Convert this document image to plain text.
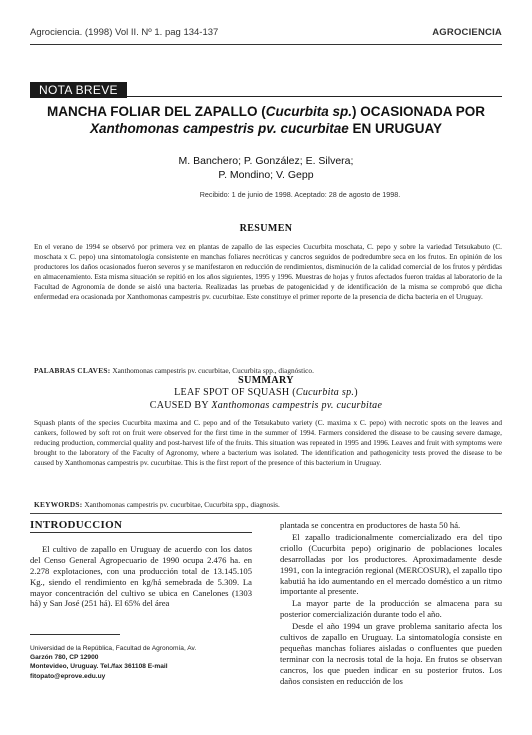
Agrociencia. (1998) Vol II. Nº 1. pag 134-137	AGROCIENCIA
NOTA BREVE
MANCHA FOLIAR DEL ZAPALLO (Cucurbita sp.) OCASIONADA POR
Xanthomonas campestris pv. cucurbitae EN URUGUAY
M. Banchero; P. González; E. Silvera;
P. Mondino; V. Gepp
Recibido: 1 de junio de 1998. Aceptado: 28 de agosto de 1998.
RESUMEN
En el verano de 1994 se observó por primera vez en plantas de zapallo de las especies Cucurbita moschata, C. pepo y sobre la variedad Tetsukabuto (C. moschata x C. pepo) una sintomatología consistente en manchas foliares necróticas y cancros seguidos de podredumbre seca en los frutos. En opinión de los productores los daños ocasionados fueron severos y se manifestaron en reducción de rendimientos, disminución de la calidad comercial de los frutos y pérdidas en almacenamiento. Esta misma situación se repitió en los años siguientes, 1995 y 1996. Muestras de hojas y frutos afectados fueron traídas al laboratorio de la Facultad de Agronomía de donde se aisló una bacteria. Realizadas las pruebas de patogenicidad y de identificación de la misma se comprobó que dicha enfermedad era ocasionada por Xanthomonas campestris pv. cucurbitae. Este constituye el primer reporte de la presencia de dicha bacteria en el Uruguay.
PALABRAS CLAVES: Xanthomonas campestris pv. cucurbitae, Cucurbita spp., diagnóstico.
SUMMARY
LEAF SPOT OF SQUASH (Cucurbita sp.)
CAUSED BY Xanthomonas campestris pv. cucurbitae
Squash plants of the species Cucurbita maxima and C. pepo and of the Tetsukabuto variety (C. maxima x C. pepo) with necrotic spots on the leaves and cankers, followed by soft rot on fruit were observed for the first time in the summer of 1994. Farmers considered the disease to be causing severe damage, reducing production, commercial quality and post-harvest life of the fruits. This situation was repeated in 1995 and 1996. Leaves and fruit with symptoms were brought to the laboratory of the Faculty of Agronomy, where a bacterium was isolated. The identification and pathogenicity tests proved the disease to be caused by Xanthomonas campestris pv. cucurbitae. This is the first report of the presence of this bacterium in Uruguay.
KEYWORDS: Xanthomonas campestris pv. cucurbitae, Cucurbita spp., diagnosis.
INTRODUCCION

El cultivo de zapallo en Uruguay de acuerdo con los datos del Censo General Agropecuario de 1990 ocupa 2.476 ha. en 2.278 explotaciones, con una producción total de 13.145.105 Kg., siendo el rendimiento en kg/há semebrada de 5.309. La mayor concentración del cultivo se ubica en Canelones (1303 há) y San José (251 há). El 65% del área

Universidad de la República, Facultad de Agronomía, Av.
Garzón 780, CP 12900
Montevideo, Uruguay. Tel./fax 361108 E-mail
fitopato@eprove.edu.uy

plantada se concentra en productores de hasta 50 há.

El zapallo tradicionalmente comercializado era del tipo criollo (Cucurbita pepo) originario de poblaciones locales desarrolladas por los productores. Aproximadamente desde 1991, con la integración regional (MERCOSUR), el zapallo tipo kabutiá ha ido aumentando en el mercado doméstico a un ritmo importante al presente.

La mayor parte de la producción se almacena para su posterior comercialización durante todo el año.

Desde el año 1994 un grave problema sanitario afecta los cultivos de zapallo en Uruguay. La sintomatología consiste en pequeñas manchas foliares aisladas o confluentes que pueden terminar con la necrosis total de la hoja. En frutos se observan cancros, los que pueden indicar en su posterior frutos. Los daños consisten en reducción de los
